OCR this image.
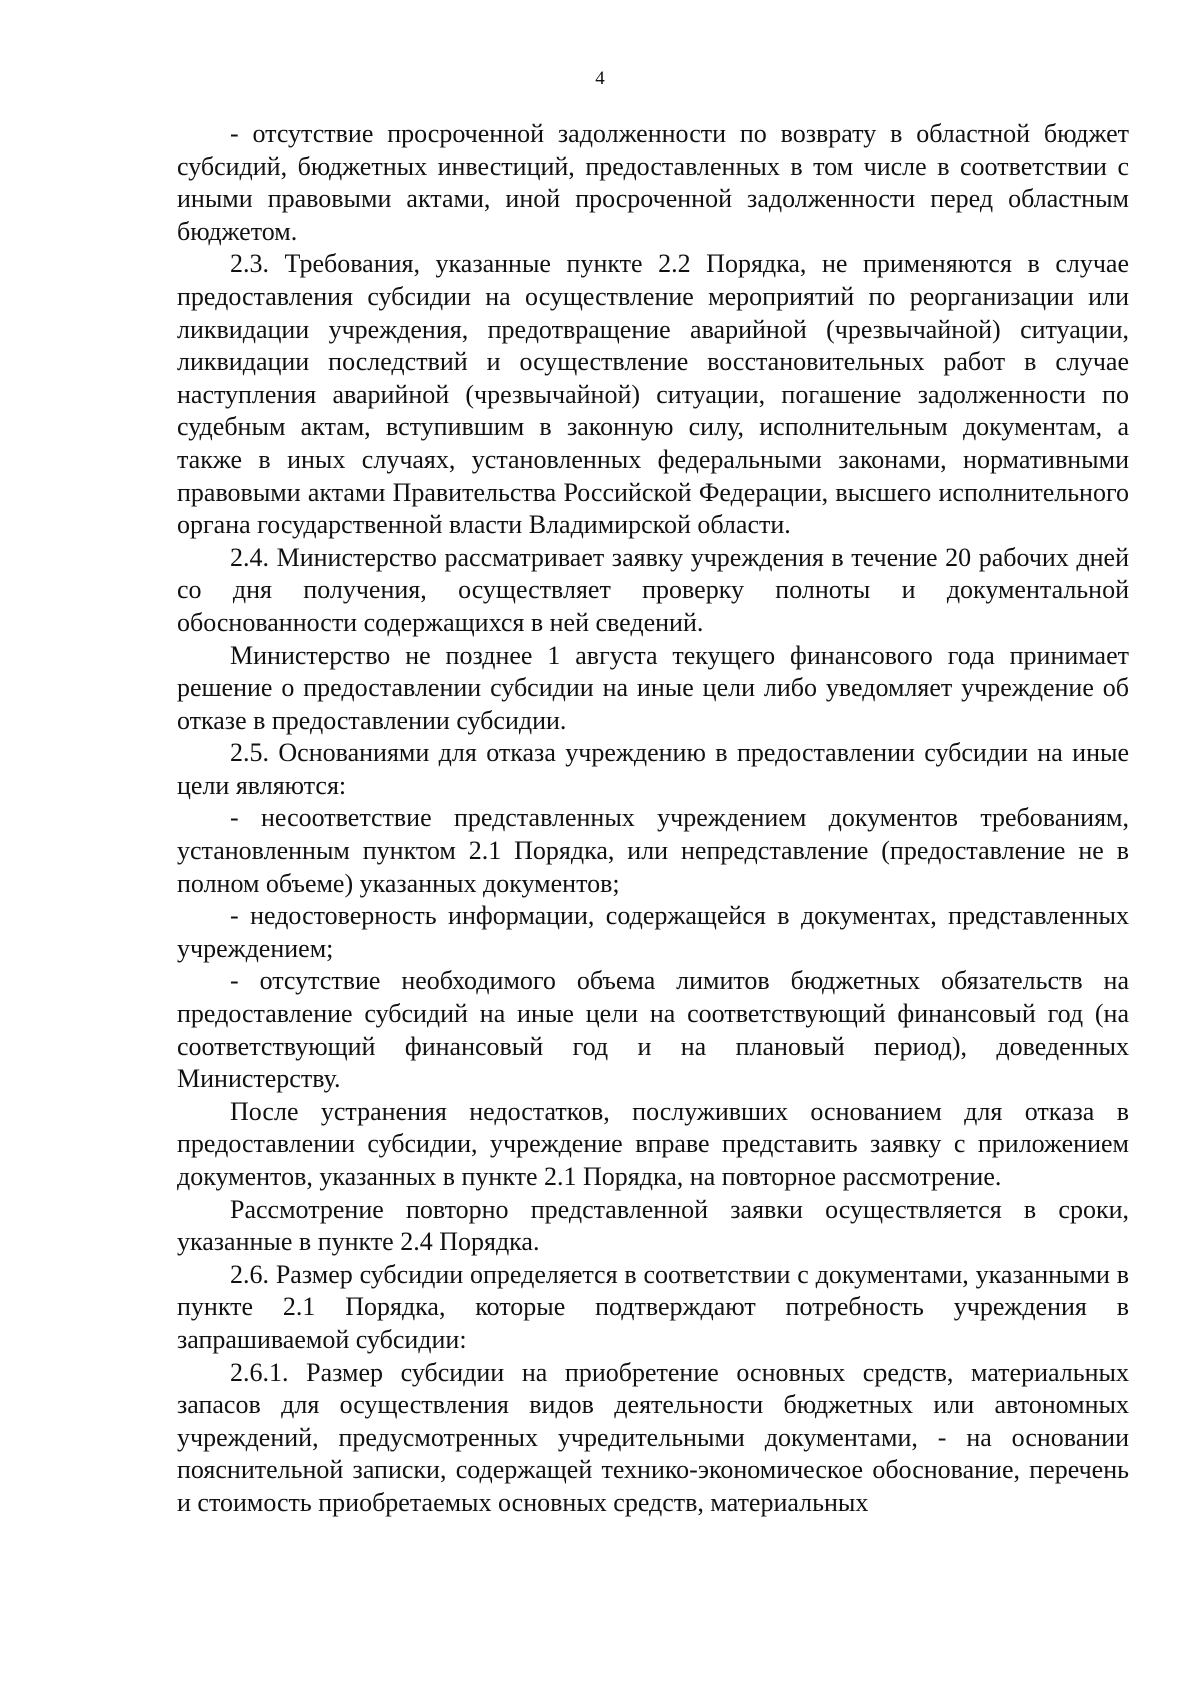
4

- отсутствие просроченной задолженности по возврату в областной бюджет субсидий, бюджетных инвестиций, предоставленных в том числе в соответствии с иными правовыми актами, иной просроченной задолженности перед областным бюджетом.

2.3. Требования, указанные пункте 2.2 Порядка, не применяются в случае предоставления субсидии на осуществление мероприятий по реорганизации или ликвидации учреждения, предотвращение аварийной (чрезвычайной) ситуации, ликвидации последствий и осуществление восстановительных работ в случае наступления аварийной (чрезвычайной) ситуации, погашение задолженности по судебным актам, вступившим в законную силу, исполнительным документам, а также в иных случаях, установленных федеральными законами, нормативными правовыми актами Правительства Российской Федерации, высшего исполнительного органа государственной власти Владимирской области.

2.4. Министерство рассматривает заявку учреждения в течение 20 рабочих дней со дня получения, осуществляет проверку полноты и документальной обоснованности содержащихся в ней сведений.

Министерство не позднее 1 августа текущего финансового года принимает решение о предоставлении субсидии на иные цели либо уведомляет учреждение об отказе в предоставлении субсидии.

2.5. Основаниями для отказа учреждению в предоставлении субсидии на иные цели являются:

- несоответствие представленных учреждением документов требованиям, установленным пунктом 2.1 Порядка, или непредставление (предоставление не в полном объеме) указанных документов;

- недостоверность информации, содержащейся в документах, представленных учреждением;

- отсутствие необходимого объема лимитов бюджетных обязательств на предоставление субсидий на иные цели на соответствующий финансовый год (на соответствующий финансовый год и на плановый период), доведенных Министерству.

После устранения недостатков, послуживших основанием для отказа в предоставлении субсидии, учреждение вправе представить заявку с приложением документов, указанных в пункте 2.1 Порядка, на повторное рассмотрение.

Рассмотрение повторно представленной заявки осуществляется в сроки, указанные в пункте 2.4 Порядка.

2.6. Размер субсидии определяется в соответствии с документами, указанными в пункте 2.1 Порядка, которые подтверждают потребность учреждения в запрашиваемой субсидии:

2.6.1. Размер субсидии на приобретение основных средств, материальных запасов для осуществления видов деятельности бюджетных или автономных учреждений, предусмотренных учредительными документами, - на основании пояснительной записки, содержащей технико-экономическое обоснование, перечень и стоимость приобретаемых основных средств, материальных
